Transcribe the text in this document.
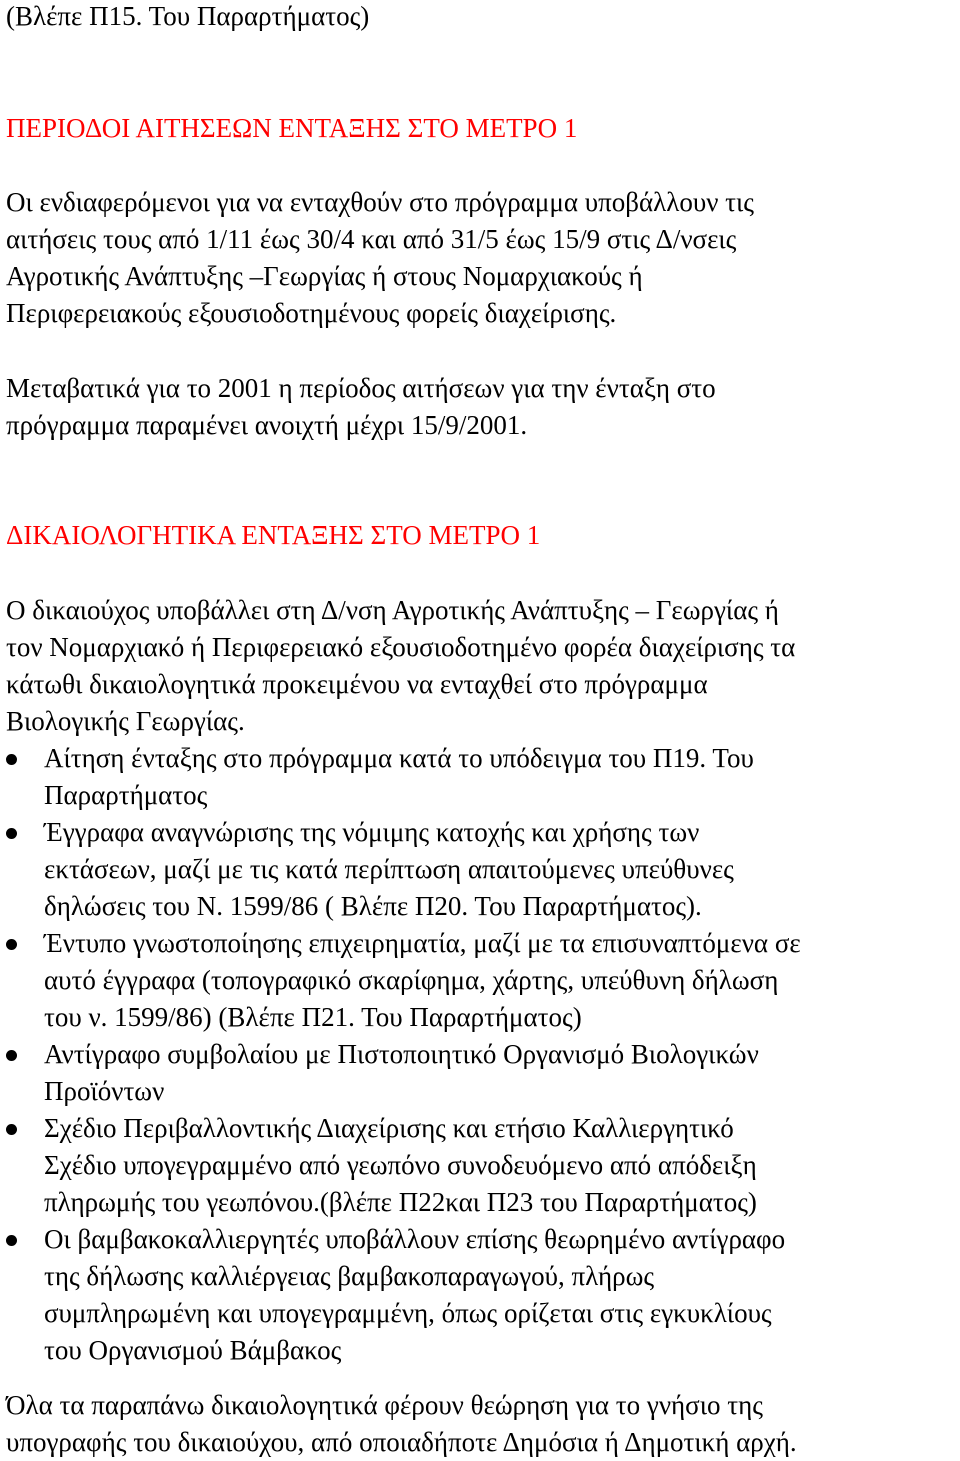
(Βλέπε Π15. Του Παραρτήματος)

ΠΕΡΙΟΔΟΙ ΑΙΤΗΣΕΩΝ ΕΝΤΑΞΗΣ ΣΤΟ ΜΕΤΡΟ 1

Οι ενδιαφερόμενοι για να ενταχθούν στο πρόγραμμα υποβάλλουν τις
αιτήσεις τους από 1/11 έως 30/4 και από 31/5 έως 15/9 στις Δ/νσεις
Αγροτικής Ανάπτυξης –Γεωργίας ή στους Νομαρχιακούς ή
Περιφερειακούς εξουσιοδοτημένους φορείς διαχείρισης.

Μεταβατικά για το 2001 η περίοδος αιτήσεων για την ένταξη στο
πρόγραμμα παραμένει ανοιχτή μέχρι 15/9/2001.

ΔΙΚΑΙΟΛΟΓΗΤΙΚΑ ΕΝΤΑΞΗΣ ΣΤΟ ΜΕΤΡΟ 1

Ο δικαιούχος υποβάλλει στη Δ/νση Αγροτικής Ανάπτυξης – Γεωργίας ή
τον Νομαρχιακό ή Περιφερειακό εξουσιοδοτημένο φορέα διαχείρισης τα
κάτωθι δικαιολογητικά προκειμένου να ενταχθεί στο πρόγραμμα
Βιολογικής Γεωργίας.

Αίτηση ένταξης στο πρόγραμμα κατά το υπόδειγμα του Π19. Του
Παραρτήματος
Έγγραφα αναγνώρισης της νόμιμης κατοχής και χρήσης των
εκτάσεων, μαζί με τις κατά περίπτωση απαιτούμενες υπεύθυνες
δηλώσεις του Ν. 1599/86 ( Βλέπε Π20. Του Παραρτήματος).
Έντυπο γνωστοποίησης επιχειρηματία, μαζί με τα επισυναπτόμενα σε
αυτό έγγραφα (τοπογραφικό σκαρίφημα, χάρτης, υπεύθυνη δήλωση
του ν. 1599/86) (Βλέπε Π21. Του Παραρτήματος)
Αντίγραφο συμβολαίου με Πιστοποιητικό Οργανισμό Βιολογικών
Προϊόντων
Σχέδιο Περιβαλλοντικής Διαχείρισης και ετήσιο Καλλιεργητικό
Σχέδιο υπογεγραμμένο από γεωπόνο συνοδευόμενο από απόδειξη
πληρωμής του γεωπόνου.(βλέπε Π22και Π23 του Παραρτήματος)
Οι βαμβακοκαλλιεργητές υποβάλλουν επίσης θεωρημένο αντίγραφο
της δήλωσης καλλιέργειας βαμβακοπαραγωγού, πλήρως
συμπληρωμένη και υπογεγραμμένη, όπως ορίζεται στις εγκυκλίους
του Οργανισμού Βάμβακος

Όλα τα παραπάνω δικαιολογητικά φέρουν θεώρηση για το γνήσιο της
υπογραφής του δικαιούχου, από οποιαδήποτε Δημόσια ή Δημοτική αρχή.
